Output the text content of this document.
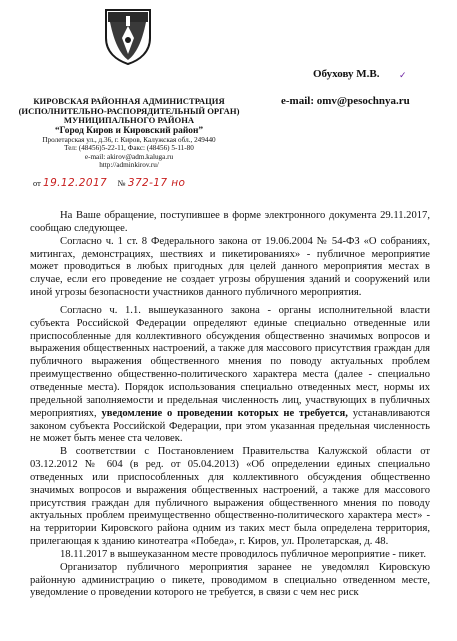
Обухову М.В.
e-mail: omv@pesochnya.ru
✓
КИРОВСКАЯ РАЙОННАЯ АДМИНИСТРАЦИЯ
(ИСПОЛНИТЕЛЬНО-РАСПОРЯДИТЕЛЬНЫЙ ОРГАН)
МУНИЦИПАЛЬНОГО РАЙОНА
“Город Киров и Кировский район”
Пролетарская ул., д.36, г. Киров, Калужская обл., 249440
Тел: (48456)5-22-11, Факс: (48456) 5-11-80
e-mail: akirov@adm.kaluga.ru
http://adminkirov.ru/
от 19.12.2017 № 372-17 но

На Ваше обращение, поступившее в форме электронного документа 29.11.2017, сообщаю следующее.

Согласно ч. 1 ст. 8 Федерального закона от 19.06.2004 № 54-ФЗ «О собраниях, митингах, демонстрациях, шествиях и пикетированиях» - публичное мероприятие может проводиться в любых пригодных для целей данного мероприятия местах в случае, если его проведение не создает угрозы обрушения зданий и сооружений или иной угрозы безопасности участников данного публичного мероприятия.

Согласно ч. 1.1. вышеуказанного закона - органы исполнительной власти субъекта Российской Федерации определяют единые специально отведенные или приспособленные для коллективного обсуждения общественно значимых вопросов и выражения общественных настроений, а также для массового присутствия граждан для публичного выражения общественного мнения по поводу актуальных проблем преимущественно общественно-политического характера места (далее - специально отведенные места). Порядок использования специально отведенных мест, нормы их предельной заполняемости и предельная численность лиц, участвующих в публичных мероприятиях, уведомление о проведении которых не требуется, устанавливаются законом субъекта Российской Федерации, при этом указанная предельная численность не может быть менее ста человек.

В соответствии с Постановлением Правительства Калужской области от 03.12.2012 № 604 (в ред. от 05.04.2013) «Об определении единых специально отведенных или приспособленных для коллективного обсуждения общественно значимых вопросов и выражения общественных настроений, а также для массового присутствия граждан для публичного выражения общественного мнения по поводу актуальных проблем преимущественно общественно-политического характера мест» - на территории Кировского района одним из таких мест была определена территория, прилегающая к зданию кинотеатра «Победа», г. Киров, ул. Пролетарская, д. 48.

18.11.2017 в вышеуказанном месте проводилось публичное мероприятие - пикет.

Организатор публичного мероприятия заранее не уведомлял Кировскую районную администрацию о пикете, проводимом в специально отведенном месте, уведомление о проведении которого не требуется, в связи с чем нес риск
